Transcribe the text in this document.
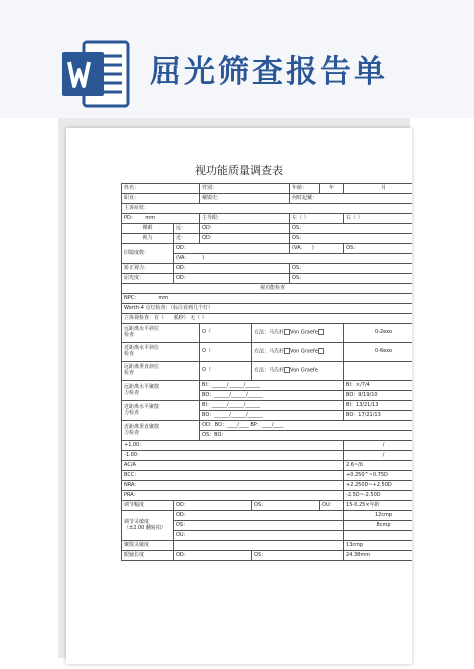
屈光筛查报告单
视功能质量调查表
姓名：		性别：		年龄：	年	月
职业：		戴镜史：		何时起戴：		
主诉症状：						
PD： mm		主导眼：		左（ ）		右（ ）
裸眼	远：	OD：		OS：		
视力	近：	OD：		OS：		
旧镜度数：	OD：			(VA： )		OS：
	(VA： )					
矫正视力：	OD：			OS：		
屈光度：	OD：			OS：		
视功能检查						
NPC： mm						
Worth-4 点灯检查：（标注看到几个灯）						
立体视检查：有（ 弧秒） 无（ ）						

远距离水平斜位
检查		O（	方法：马氏杆 Von Graefe			0-2exo

近距离水平斜位
检查		O（	方法：马氏杆 Von Graefe			0-6exo

远距离垂直斜位
检查		O（	方法：马氏杆 Von Graefe			

远距离水平聚散
力检查		BI：______/______/______				BI：×/7/4
		BO：______/______/______				BO：9/19/10

近距离水平聚散
力检查		BI：______/______/______				BI：13/21/13
		BO：______/______/______				BO：17/21/13

近距离垂直聚散
力检查		OD：BO：____/____ BP：____/____				
		OS：BO：				
+1.00：						/
-1.00：						/
AC/A						2.6~/δ
BCC：						+0.250^~0.75D
NRA：						+2.250D~+2.50D
PRA：						-2.5D~-2.50D
调节幅度	OD：		OS：		OU：	15-0.25×年龄

调节灵敏度
（±2.00 翻转拍）	OD：					12cmp
	OS：					8cmp
	OU：					
聚散灵敏度						13cmp
眼轴长度	OD：		OS：			24.38mm
